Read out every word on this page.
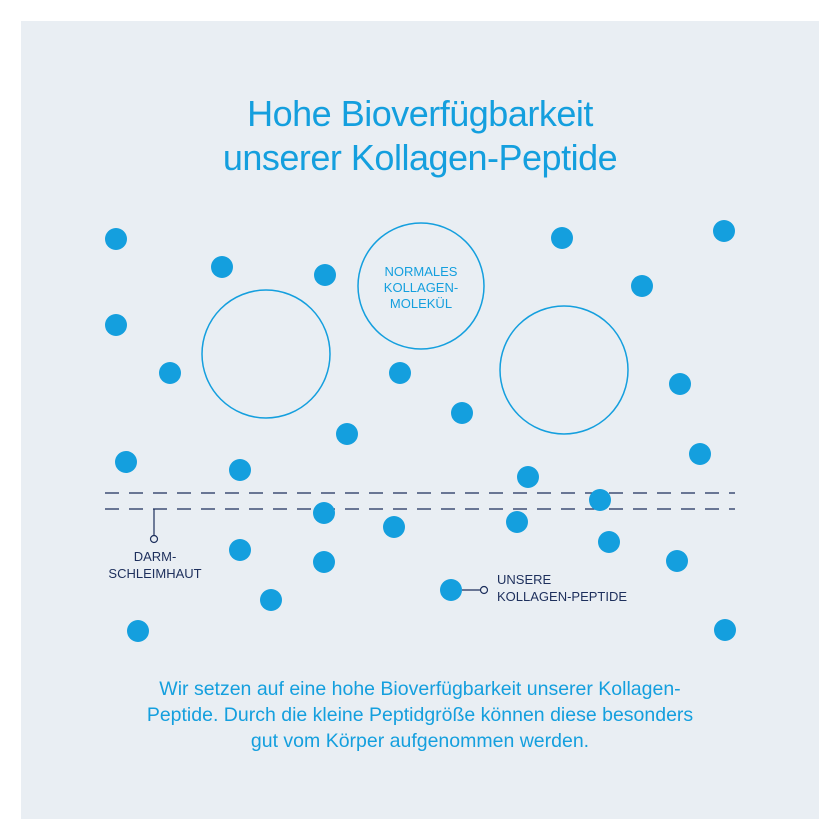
Hohe Bioverfügbarkeit
unserer Kollagen-Peptide
NORMALES
KOLLAGEN-
MOLEKÜL
DARM-
SCHLEIMHAUT	UNSERE
KOLLAGEN-PEPTIDE
Wir setzen auf eine hohe Bioverfügbarkeit unserer Kollagen-
Peptide. Durch die kleine Peptidgröße können diese besonders
gut vom Körper aufgenommen werden.
